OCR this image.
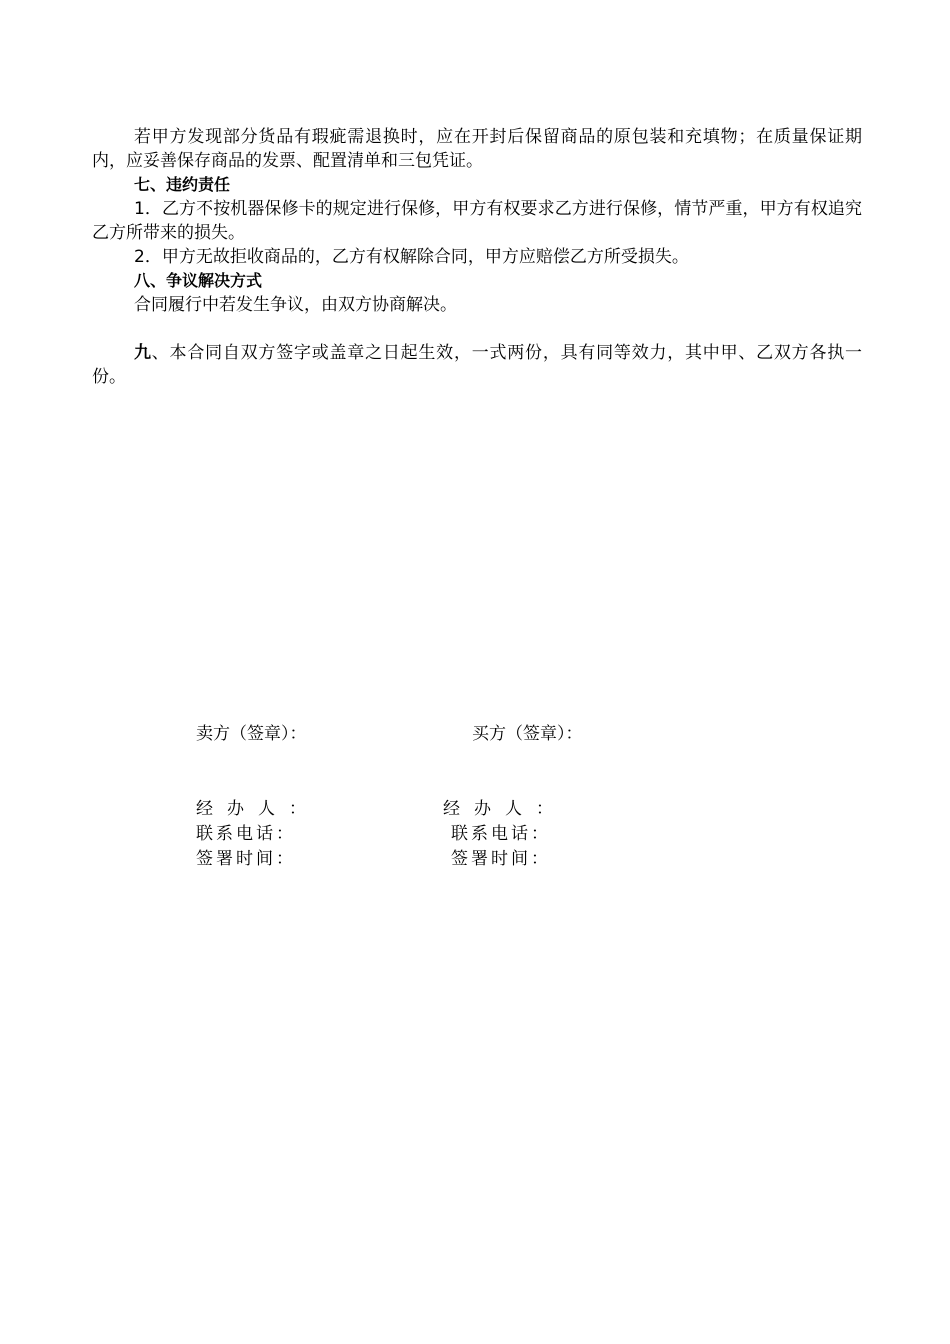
若甲方发现部分货品有瑕疵需退换时，应在开封后保留商品的原包装和充填物；在质量保证期内，应妥善保存商品的发票、配置清单和三包凭证。

七、违约责任

1．乙方不按机器保修卡的规定进行保修，甲方有权要求乙方进行保修，情节严重，甲方有权追究乙方所带来的损失。

2．甲方无故拒收商品的，乙方有权解除合同，甲方应赔偿乙方所受损失。

八、争议解决方式

合同履行中若发生争议，由双方协商解决。

九、本合同自双方签字或盖章之日起生效，一式两份，具有同等效力，其中甲、乙双方各执一份。

卖方（签章）：	买方（签章）：
经办人：	经办人：
联系电话：	联系电话：
签署时间：	签署时间：
